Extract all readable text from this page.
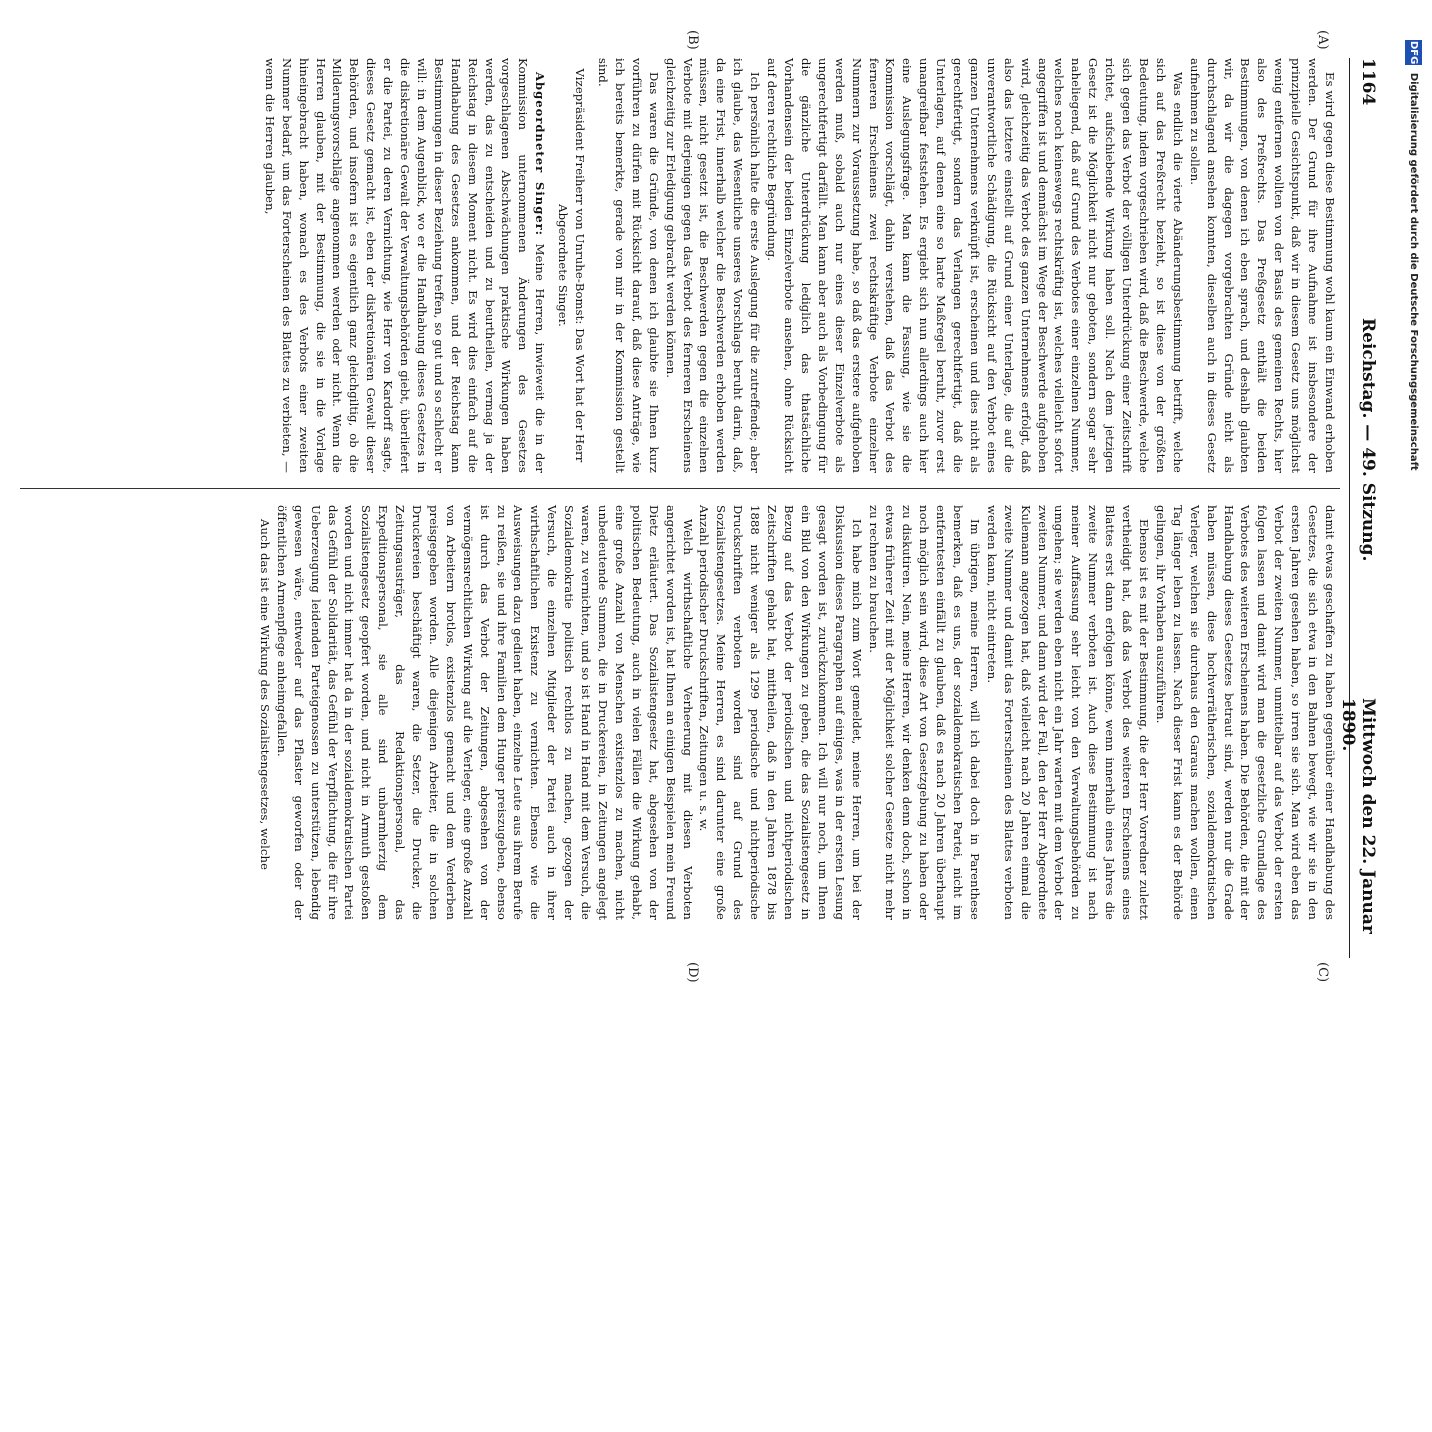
1164
Reichstag. — 49. Sitzung.
Mittwoch den 22. Januar 1890.
(A)
(B)
(C)
(D)

Es wird gegen diese Bestimmung wohl kaum ein Einwand erhoben werden. Der Grund für ihre Aufnahme ist insbesondere der prinzipielle Gesichtspunkt, daß wir in diesem Gesetz uns möglichst wenig entfernen wollten von der Basis des gemeinen Rechts, hier also des Preßrechts. Das Preßgesetz enthält die beiden Bestimmungen, von denen ich eben sprach, und deshalb glaubten wir, da wir die dagegen vorgebrachten Gründe nicht als durchschlagend ansehen konnten, dieselben auch in dieses Gesetz aufnehmen zu sollen.

Was endlich die vierte Abänderungsbestimmung betrifft, welche sich auf das Preßrecht bezieht, so ist diese von der größten Bedeutung, indem vorgeschrieben wird, daß die Beschwerde, welche sich gegen das Verbot der völligen Unterdrückung einer Zeitschrift richtet, aufschiebende Wirkung haben soll. Nach dem jetzigen Gesetz ist die Möglichkeit nicht nur geboten, sondern sogar sehr naheliegend, daß auf Grund des Verbotes einer einzelnen Nummer, welches noch keineswegs rechtskräftig ist, welches vielleicht sofort angegriffen ist und demnächst im Wege der Beschwerde aufgehoben wird, gleichzeitig das Verbot des ganzen Unternehmens erfolgt, daß also das letztere einstellt auf Grund einer Unterlage, die auf die unverantwortliche Schädigung, die Rücksicht auf den Verbot eines ganzen Unternehmens verknüpft ist, erscheinen und dies nicht als gerechtfertigt, sondern das Verlangen gerechtfertigt, daß die Unterlagen, auf denen eine so harte Maßregel beruht, zuvor erst unangreifbar feststehen. Es ergiebt sich nun allerdings auch hier eine Auslegungsfrage. Man kann die Fassung, wie sie die Kommission vorschlägt, dahin verstehen, daß das Verbot des ferneren Erscheinens zwei rechtskräftige Verbote einzelner Nummern zur Voraussetzung habe, so daß das erstere aufgehoben werden muß, sobald auch nur eines dieser Einzelverbote als ungerechtfertigt darfällt. Man kann aber auch als Vorbedingung für die gänzliche Unterdrückung lediglich das thatsächliche Vorhandensein der beiden Einzelverbote ansehen, ohne Rücksicht auf deren rechtliche Begründung.

Ich persönlich halte die erste Auslegung für die zutreffende; aber ich glaube, das Wesentliche unseres Vorschlags beruht darin, daß, da eine Frist, innerhalb welcher die Beschwerden erhoben werden müssen, nicht gesetzt ist, die Beschwerden gegen die einzelnen Verbote mit derjenigen gegen das Verbot des ferneren Erscheinens gleichzeitig zur Erledigung gebracht werden können.

Das waren die Gründe, von denen ich glaubte sie Ihnen kurz vorführen zu dürfen mit Rücksicht darauf, daß diese Anträge, wie ich bereits bemerkte, gerade von mir in der Kommission gestellt sind.

Vizepräsident Freiherr von Unruhe-Bomst: Das Wort hat der Herr Abgeordnete Singer.

Abgeordneter Singer: Meine Herren, inwieweit die in der Kommission unternommenen Änderungen des Gesetzes vorgeschlagenen Abschwächungen praktische Wirkungen haben werden, das zu entscheiden und zu beurtheilen, vermag ja der Reichstag in diesem Moment nicht. Es wird dies einfach auf die Handhabung des Gesetzes ankommen, und der Reichstag kann Bestimmungen in dieser Beziehung treffen, so gut und so schlecht er will: in dem Augenblick, wo er die Handhabung dieses Gesetzes in die diskretionäre Gewalt der Verwaltungsbehörden giebt, überliefert er die Partei, zu deren Vernichtung, wie Herr von Kardorff sagte, dieses Gesetz gemacht ist, eben der diskretionären Gewalt dieser Behörden, und insofern ist es eigentlich ganz gleichgiltig, ob die Milderungsvorschläge angenommen werden oder nicht. Wenn die Herren glauben, mit der Bestimmung, die sie in die Vorlage hineingebracht haben, wonach es des Verbots einer zweiten Nummer bedarf, um das Forterscheinen des Blattes zu verbieten, — wenn die Herren glauben,

damit etwas geschaffen zu haben gegenüber einer Handhabung des Gesetzes, die sich etwa in den Bahnen bewegt, wie wir sie in den ersten Jahren gesehen haben, so irren sie sich. Man wird eben das Verbot der zweiten Nummer, unmittelbar auf das Verbot der ersten folgen lassen und damit wird man die gesetzliche Grundlage des Verbotes des weiteren Erscheinens haben. Die Behörden, die mit der Handhabung dieses Gesetzes betraut sind, werden nur die Grade haben müssen, diese hochverrätherischen, sozialdemokratischen Verleger, welchen sie durchaus den Garaus machen wollen, einen Tag länger leben zu lassen. Nach dieser Frist kann es der Behörde gelingen, ihr Vorhaben auszuführen.

Ebenso ist es mit der Bestimmung, die der Herr Vorredner zuletzt vertheidigt hat, daß das Verbot des weiteren Erscheinens eines Blattes erst dann erfolgen könne, wenn innerhalb eines Jahres die zweite Nummer verboten ist. Auch diese Bestimmung ist nach meiner Auffassung sehr leicht von den Verwaltungsbehörden zu umgehen; sie werden eben nicht ein Jahr warten mit dem Verbot der zweiten Nummer, und dann wird der Fall, den der Herr Abgeordnete Kulemann angezogen hat, daß vielleicht nach 20 Jahren einmal die zweite Nummer und damit das Forterscheinen des Blattes verboten werden kann, nicht eintreten.

Im übrigen, meine Herren, will ich dabei doch in Parenthese bemerken, daß es uns, der sozialdemokratischen Partei, nicht im entferntesten einfällt zu glauben, daß es nach 20 Jahren überhaupt noch möglich sein wird, diese Art von Gesetzgebung zu haben oder zu diskutiren. Nein, meine Herren, wir denken denn doch, schon in etwas früherer Zeit mit der Möglichkeit solcher Gesetze nicht mehr zu rechnen zu brauchen.

Ich habe mich zum Wort gemeldet, meine Herren, um bei der Diskussion dieses Paragraphen auf einiges, was in der ersten Lesung gesagt worden ist, zurückzukommen. Ich will nur noch, um Ihnen ein Bild von den Wirkungen zu geben, die das Sozialistengesetz in Bezug auf das Verbot der periodischen und nichtperiodischen Zeitschriften gehabt hat, mittheilen, daß in den Jahren 1878 bis 1888 nicht weniger als 1299 periodische und nichtperiodische Druckschriften verboten worden sind auf Grund des Sozialistengesetzes. Meine Herren, es sind darunter eine große Anzahl periodischer Druckschriften, Zeitungen u. s. w.

Welch wirthschaftliche Verheerung mit diesen Verboten angerichtet worden ist, hat Ihnen an einigen Beispielen mein Freund Dietz erläutert. Das Sozialistengesetz hat, abgesehen von der politischen Bedeutung, auch in vielen Fällen die Wirkung gehabt, eine große Anzahl von Menschen existenzlos zu machen, nicht unbedeutende Summen, die in Druckereien, in Zeitungen angelegt waren, zu vernichten, und so ist Hand in Hand mit dem Versuch, die Sozialdemokratie politisch rechtlos zu machen, gezogen der Versuch, die einzelnen Mitglieder der Partei auch in ihrer wirthschaftlichen Existenz zu vernichten. Ebenso wie die Ausweisungen dazu gedient haben, einzelne Leute aus ihrem Berufe zu reißen, sie und ihre Familien dem Hunger preiszugeben, ebenso ist durch das Verbot der Zeitungen, abgesehen von der vermögensrechtlichen Wirkung auf die Verleger, eine große Anzahl von Arbeitern brotlos, existenzlos gemacht und dem Verderben preisgegeben worden. Alle diejenigen Arbeiter, die in solchen Druckereien beschäftigt waren, die Setzer, die Drucker, die Zeitungsausträger, das Redaktionspersonal, das Expeditionspersonal, sie alle sind unbarmherzig dem Sozialistengesetz geopfert worden, und nicht in Armuth gestoßen worden und nicht immer hat da in der sozialdemokratischen Partei das Gefühl der Solidarität, das Gefühl der Verpflichtung, die für ihre Ueberzeugung leidenden Parteigenossen zu unterstützen, lebendig gewesen wäre, entweder auf das Pflaster geworfen oder der öffentlichen Armenpflege anheimgefallen.

Auch das ist eine Wirkung des Sozialistengesetzes, welche

DFG Digitalisierung gefördert durch die Deutsche Forschungsgemeinschaft
